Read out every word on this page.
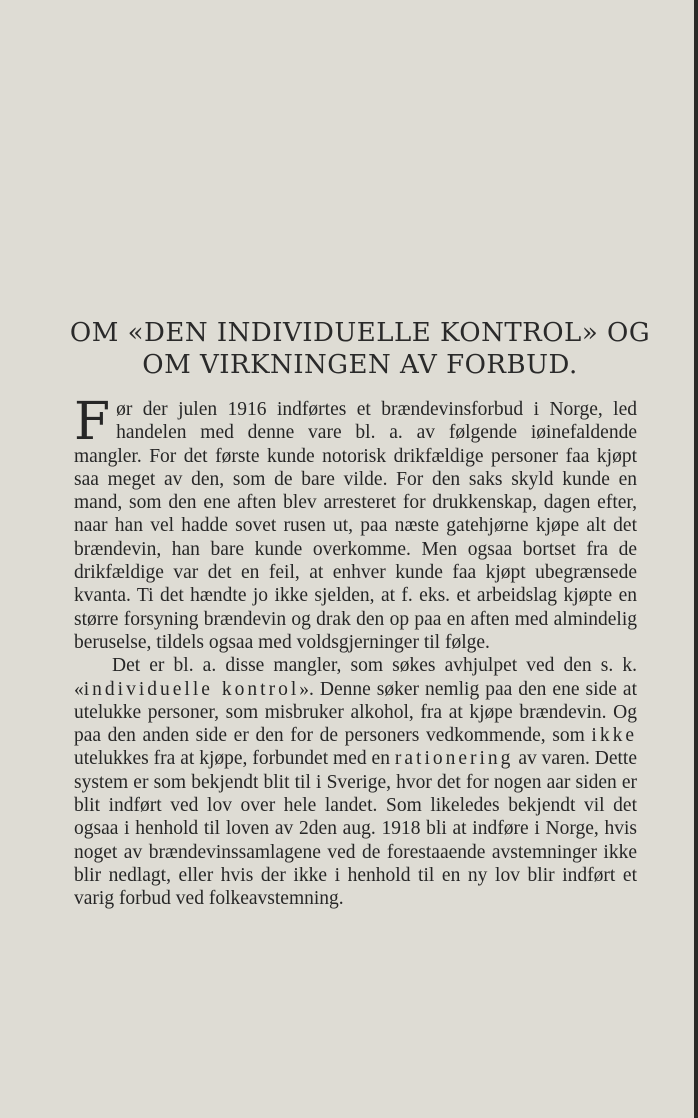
OM «DEN INDIVIDUELLE KONTROL» OG
OM VIRKNINGEN AV FORBUD.

Før der julen 1916 indførtes et brændevinsforbud i Norge, led handelen med denne vare bl. a. av følgende iøinefaldende mangler. For det første kunde notorisk drikfældige personer faa kjøpt saa meget av den, som de bare vilde. For den saks skyld kunde en mand, som den ene aften blev arresteret for drukkenskap, dagen efter, naar han vel hadde sovet rusen ut, paa næste gatehjørne kjøpe alt det brændevin, han bare kunde overkomme. Men ogsaa bortset fra de drikfældige var det en feil, at enhver kunde faa kjøpt ubegrænsede kvanta. Ti det hændte jo ikke sjelden, at f. eks. et arbeidslag kjøpte en større forsyning brændevin og drak den op paa en aften med almindelig beruselse, tildels ogsaa med voldsgjerninger til følge.

Det er bl. a. disse mangler, som søkes avhjulpet ved den s. k. «individuelle kontrol». Denne søker nemlig paa den ene side at utelukke personer, som misbruker alkohol, fra at kjøpe brændevin. Og paa den anden side er den for de personers vedkommende, som ikke utelukkes fra at kjøpe, forbundet med en rationering av varen. Dette system er som bekjendt blit til i Sverige, hvor det for nogen aar siden er blit indført ved lov over hele landet. Som likeledes bekjendt vil det ogsaa i henhold til loven av 2den aug. 1918 bli at indføre i Norge, hvis noget av brændevinssamlagene ved de forestaaende avstemninger ikke blir nedlagt, eller hvis der ikke i henhold til en ny lov blir indført et varig forbud ved folkeavstemning.
